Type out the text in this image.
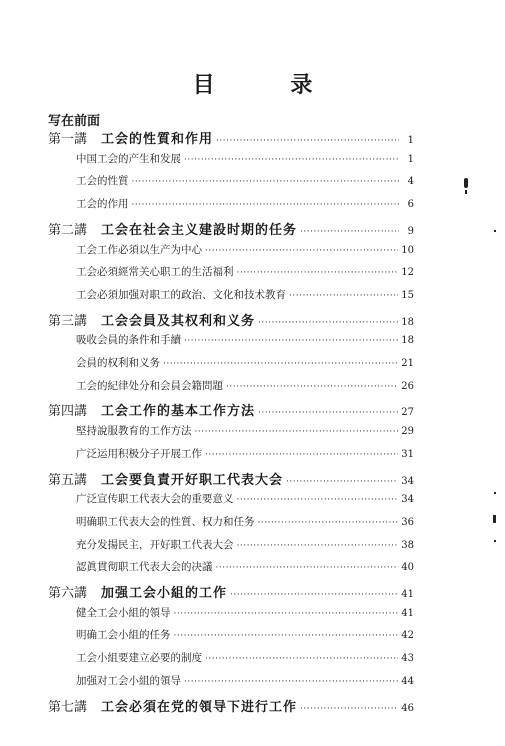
目 录
写在前面
第一講 工会的性質和作用 ·····	1
中国工会的产生和发展 ·····	1
工会的性質 ·····	4
工会的作用 ·····	6
第二講 工会在社会主义建設时期的任务 ·····	9
工会工作必須以生产为中心 ·····	10
工会必須經常关心职工的生活福利 ·····	12
工会必須加强对职工的政治、文化和技术教育 ·····	15
第三講 工会会員及其权利和义务 ·····	18
吸收会員的条件和手續 ·····	18
会員的权利和义务 ·····	21
工会的紀律处分和会員会籍問題 ·····	26
第四講 工会工作的基本工作方法 ·····	27
堅持說服教育的工作方法 ·····	29
广泛运用积极分子开展工作 ·····	31
第五講 工会要負責开好职工代表大会 ·····	34
广泛宣传职工代表大会的重要意义 ·····	34
明确职工代表大会的性質、权力和任务 ·····	36
充分发揚民主，开好职工代表大会 ·····	38
認眞貫彻职工代表大会的决議 ·····	40
第六講 加强工会小組的工作 ·····	41
健全工会小組的領导 ·····	41
明确工会小組的任务 ·····	42
工会小組要建立必要的制度 ·····	43
加强对工会小組的領导 ·····	44
第七講 工会必須在党的領导下进行工作 ·····	46
